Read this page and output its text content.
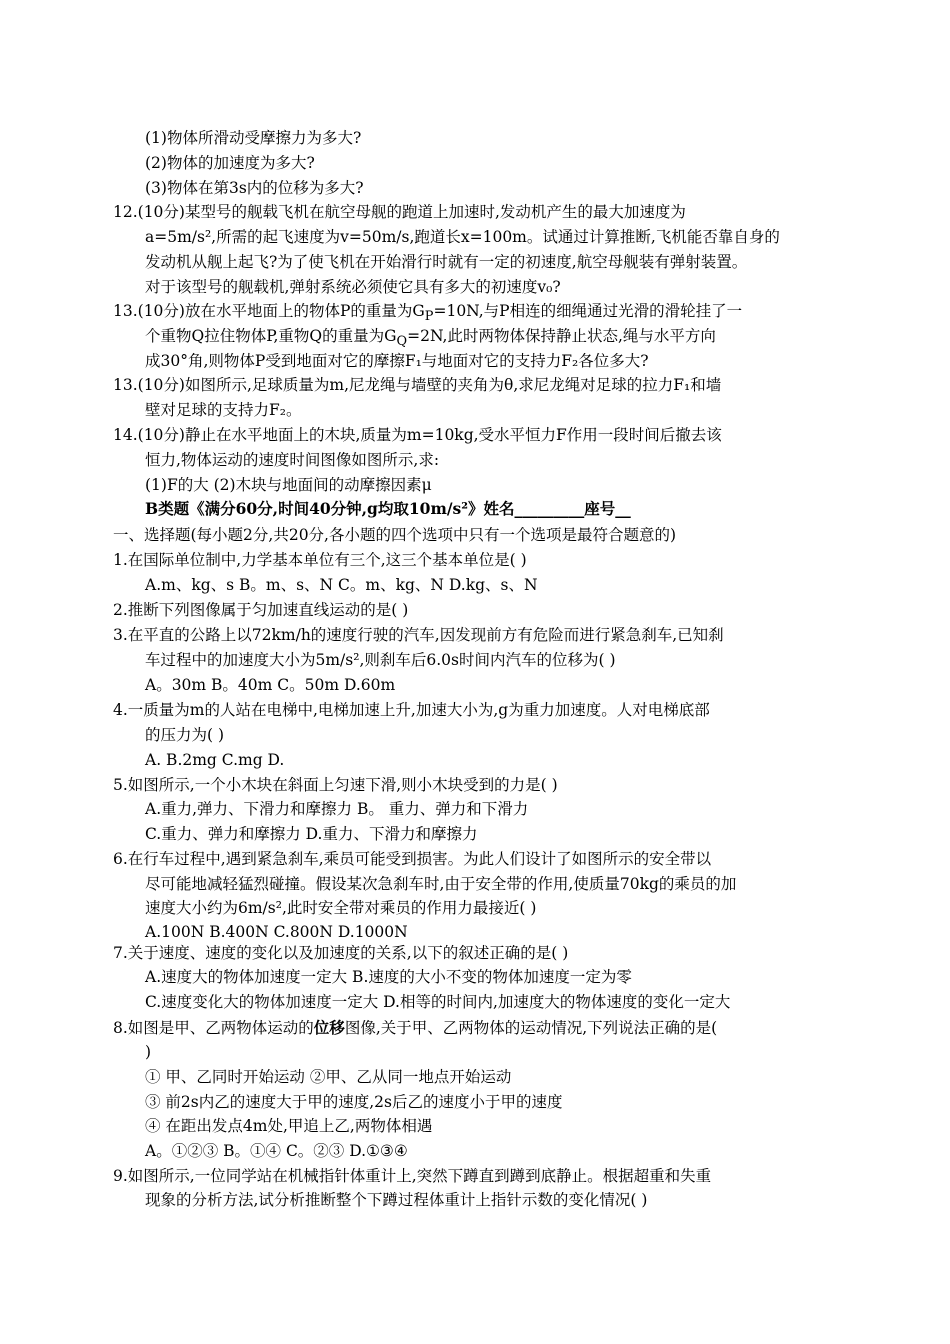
(1)物体所滑动受摩擦力为多大?
(2)物体的加速度为多大?
(3)物体在第3s内的位移为多大?
12.(10分)某型号的舰载飞机在航空母舰的跑道上加速时,发动机产生的最大加速度为
a=5m/s²,所需的起飞速度为v=50m/s,跑道长x=100m。试通过计算推断,飞机能否靠自身的
发动机从舰上起飞?为了使飞机在开始滑行时就有一定的初速度,航空母舰装有弹射装置。
对于该型号的舰载机,弹射系统必须使它具有多大的初速度v₀?
13.(10分)放在水平地面上的物体P的重量为$G_P=10N$,与P相连的细绳通过光滑的滑轮挂了一
个重物Q拉住物体P,重物Q的重量为$G_Q=2N$,此时两物体保持静止状态,绳与水平方向
成30°角,则物体P受到地面对它的摩擦F₁与地面对它的支持力F₂各位多大?
13.(10分)如图所示,足球质量为m,尼龙绳与墙壁的夹角为θ,求尼龙绳对足球的拉力F₁和墙
壁对足球的支持力F₂。
14.(10分)静止在水平地面上的木块,质量为m=10kg,受水平恒力F作用一段时间后撤去该
恒力,物体运动的速度时间图像如图所示,求:
(1)F的大 (2)木块与地面间的动摩擦因素μ
B类题《满分60分,时间40分钟,g均取10m/s²》姓名_________座号__
一、选择题(每小题2分,共20分,各小题的四个选项中只有一个选项是最符合题意的)
1.在国际单位制中,力学基本单位有三个,这三个基本单位是( )
A.m、kg、s B。m、s、N C。m、kg、N D.kg、s、N
2.推断下列图像属于匀加速直线运动的是( )
3.在平直的公路上以72km/h的速度行驶的汽车,因发现前方有危险而进行紧急刹车,已知刹
车过程中的加速度大小为5m/s²,则刹车后6.0s时间内汽车的位移为( )
A。30m B。40m C。50m D.60m
4.一质量为m的人站在电梯中,电梯加速上升,加速大小为,g为重力加速度。人对电梯底部
的压力为( )
A. B.2mg C.mg D.
5.如图所示,一个小木块在斜面上匀速下滑,则小木块受到的力是( )
A.重力,弹力、下滑力和摩擦力 B。 重力、弹力和下滑力
C.重力、弹力和摩擦力 D.重力、下滑力和摩擦力
6.在行车过程中,遇到紧急刹车,乘员可能受到损害。为此人们设计了如图所示的安全带以
尽可能地减轻猛烈碰撞。假设某次急刹车时,由于安全带的作用,使质量70kg的乘员的加
速度大小约为6m/s²,此时安全带对乘员的作用力最接近( )
A.100N B.400N C.800N D.1000N
7.关于速度、速度的变化以及加速度的关系,以下的叙述正确的是( )
A.速度大的物体加速度一定大 B.速度的大小不变的物体加速度一定为零
C.速度变化大的物体加速度一定大 D.相等的时间内,加速度大的物体速度的变化一定大
8.如图是甲、乙两物体运动的位移图像,关于甲、乙两物体的运动情况,下列说法正确的是(
)
① 甲、乙同时开始运动 ②甲、乙从同一地点开始运动
③ 前2s内乙的速度大于甲的速度,2s后乙的速度小于甲的速度
④ 在距出发点4m处,甲追上乙,两物体相遇
A。①②③ B。①④ C。②③ D.①③④
9.如图所示,一位同学站在机械指针体重计上,突然下蹲直到蹲到底静止。根据超重和失重
现象的分析方法,试分析推断整个下蹲过程体重计上指针示数的变化情况( )
